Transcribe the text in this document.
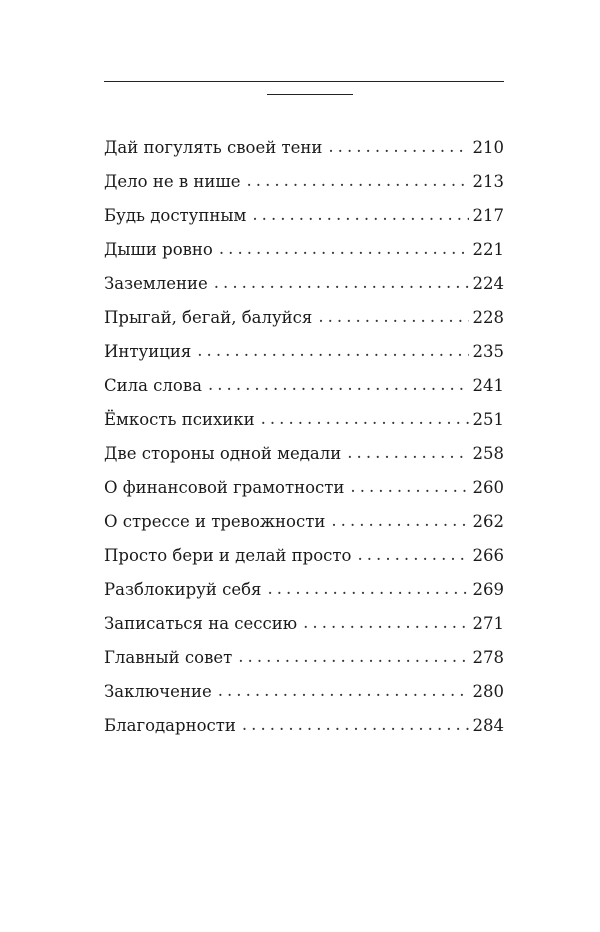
Дай погулять своей тени . . .	210
Дело не в нише . . .	213
Будь доступным . . .	217
Дыши ровно . . .	221
Заземление . . .	224
Прыгай, бегай, балуйся . . .	228
Интуиция . . .	235
Сила слова . . .	241
Ёмкость психики . . .	251
Две стороны одной медали . . .	258
О финансовой грамотности . . .	260
О стрессе и тревожности . . .	262
Просто бери и делай просто . . .	266
Разблокируй себя . . .	269
Записаться на сессию . . .	271
Главный совет . . .	278
Заключение . . .	280
Благодарности . . .	284
